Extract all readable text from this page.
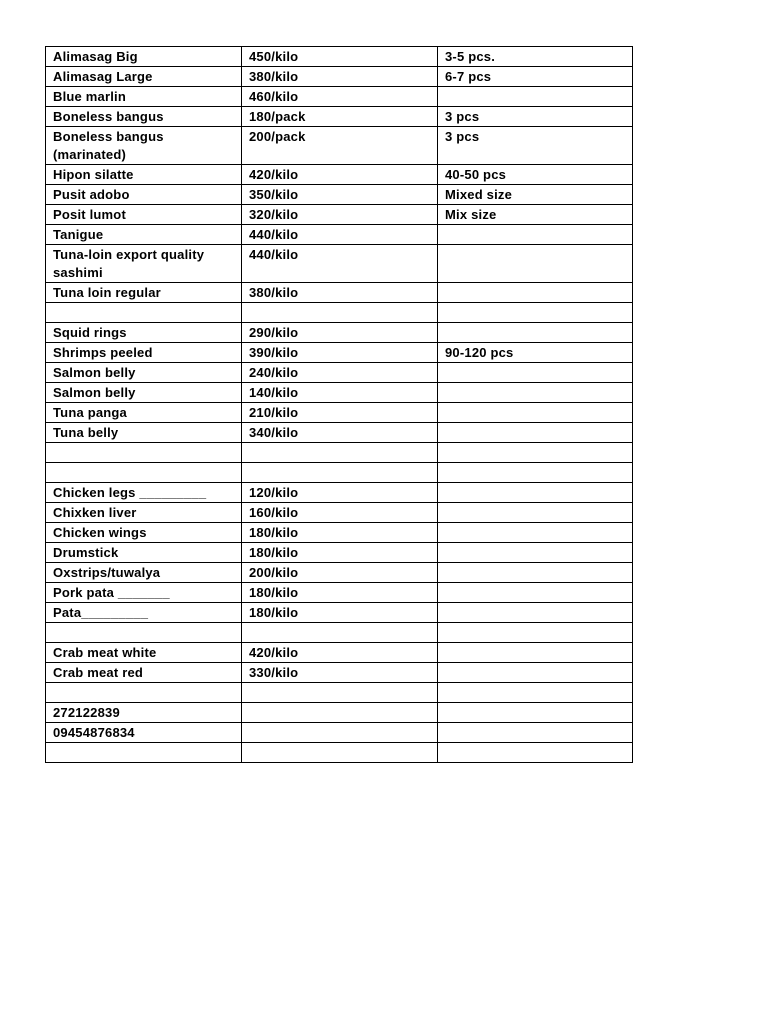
Alimasag Big	450/kilo	3-5 pcs.
Alimasag Large	380/kilo	6-7 pcs
Blue marlin	460/kilo	
Boneless bangus	180/pack	3 pcs
Boneless bangus (marinated)	200/pack	3 pcs
Hipon silatte	420/kilo	40-50 pcs
Pusit adobo	350/kilo	Mixed size
Posit lumot	320/kilo	Mix size
Tanigue	440/kilo	
Tuna-loin export quality sashimi	440/kilo	
Tuna loin regular	380/kilo	

Squid rings	290/kilo	
Shrimps peeled	390/kilo	90-120 pcs
Salmon belly	240/kilo	
Salmon belly	140/kilo	
Tuna panga	210/kilo	
Tuna belly	340/kilo	

Chicken legs _________	120/kilo	
Chixken liver	160/kilo	
Chicken wings	180/kilo	
Drumstick	180/kilo	
Oxstrips/tuwalya	200/kilo	
Pork pata _______	180/kilo	
Pata_________	180/kilo	

Crab meat white	420/kilo	
Crab meat red	330/kilo	

272122839		
09454876834		
